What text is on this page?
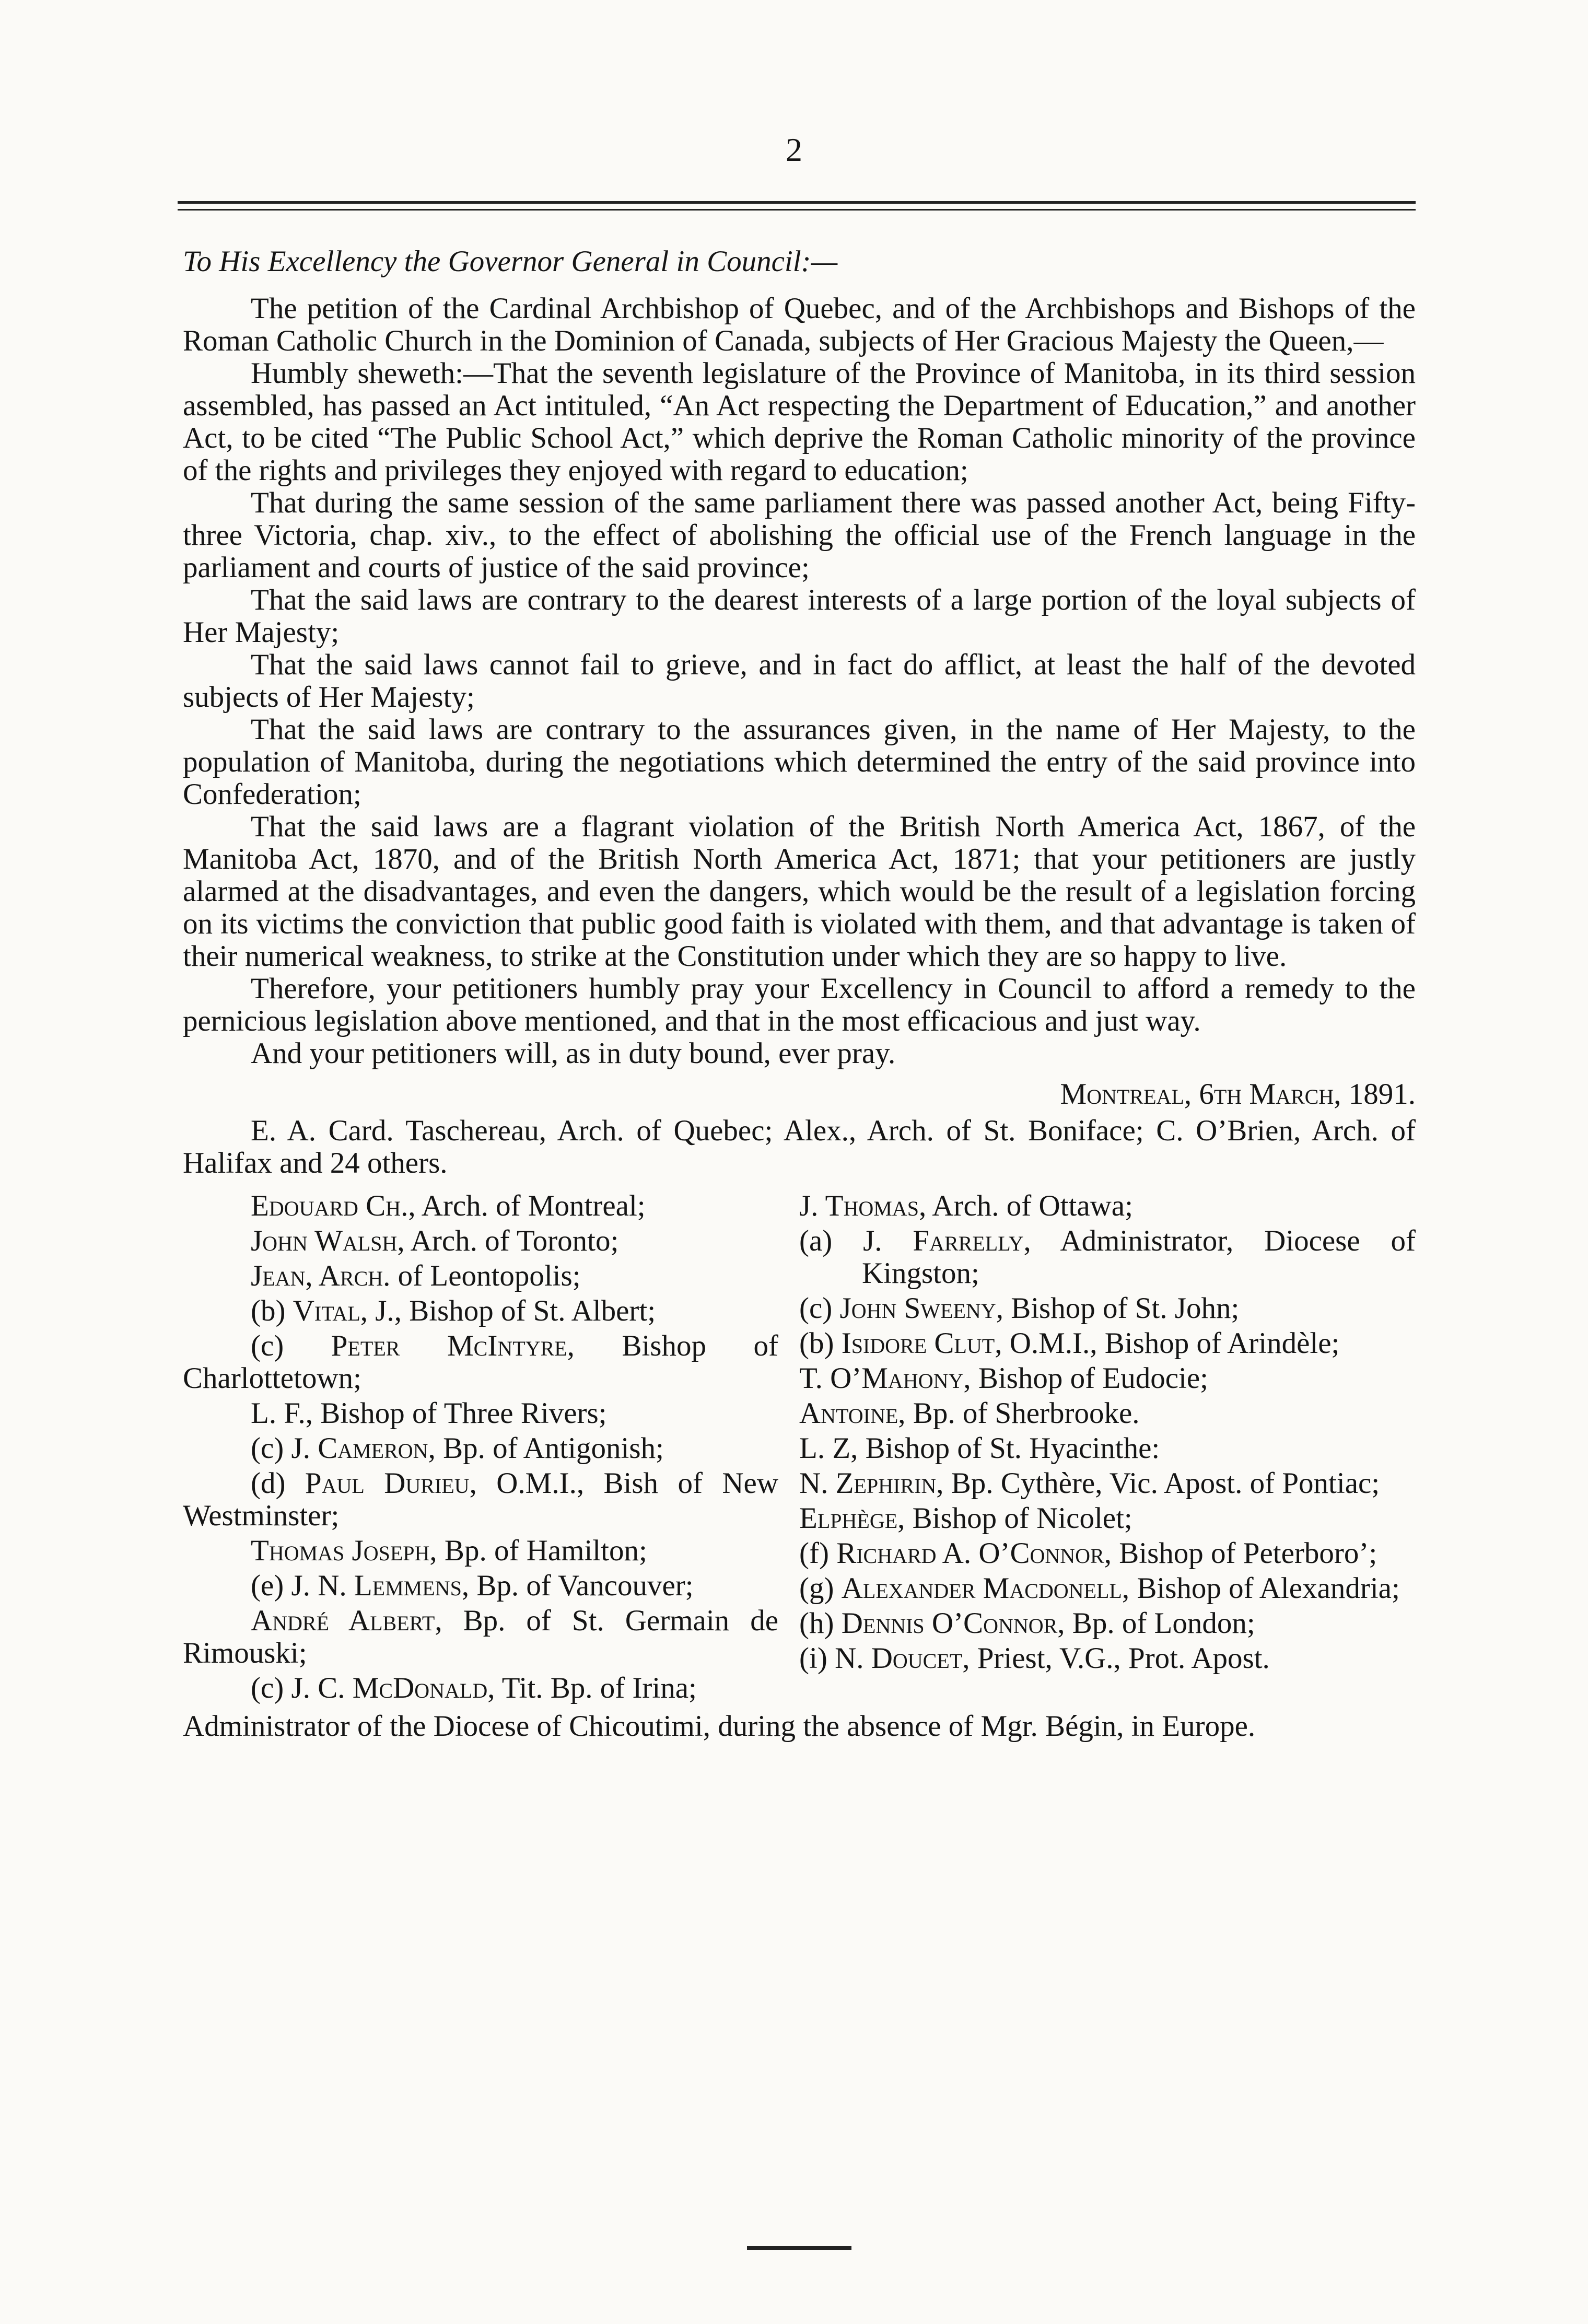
2

To His Excellency the Governor General in Council:—

The petition of the Cardinal Archbishop of Quebec, and of the Archbishops and Bishops of the Roman Catholic Church in the Dominion of Canada, subjects of Her Gracious Majesty the Queen,—

Humbly sheweth:—That the seventh legislature of the Province of Manitoba, in its third session assembled, has passed an Act intituled, “An Act respecting the Department of Education,” and another Act, to be cited “The Public School Act,” which deprive the Roman Catholic minority of the province of the rights and privileges they enjoyed with regard to education;

That during the same session of the same parliament there was passed another Act, being Fifty-three Victoria, chap. xiv., to the effect of abolishing the official use of the French language in the parliament and courts of justice of the said province;

That the said laws are contrary to the dearest interests of a large portion of the loyal subjects of Her Majesty;

That the said laws cannot fail to grieve, and in fact do afflict, at least the half of the devoted subjects of Her Majesty;

That the said laws are contrary to the assurances given, in the name of Her Majesty, to the population of Manitoba, during the negotiations which determined the entry of the said province into Confederation;

That the said laws are a flagrant violation of the British North America Act, 1867, of the Manitoba Act, 1870, and of the British North America Act, 1871; that your petitioners are justly alarmed at the disadvantages, and even the dangers, which would be the result of a legislation forcing on its victims the conviction that public good faith is violated with them, and that advantage is taken of their numerical weakness, to strike at the Constitution under which they are so happy to live.

Therefore, your petitioners humbly pray your Excellency in Council to afford a remedy to the pernicious legislation above mentioned, and that in the most efficacious and just way.

And your petitioners will, as in duty bound, ever pray.

Montreal, 6th March, 1891.

E. A. Card. Taschereau, Arch. of Quebec; Alex., Arch. of St. Boniface; C. O’Brien, Arch. of Halifax and 24 others.

Edouard Ch., Arch. of Montreal;

John Walsh, Arch. of Toronto;

Jean, Arch. of Leontopolis;

(b) Vital, J., Bishop of St. Albert;

(c) Peter McIntyre, Bishop of Charlottetown;

L. F., Bishop of Three Rivers;

(c) J. Cameron, Bp. of Antigonish;

(d) Paul Durieu, O.M.I., Bish of New Westminster;

Thomas Joseph, Bp. of Hamilton;

(e) J. N. Lemmens, Bp. of Vancouver;

André Albert, Bp. of St. Germain de Rimouski;

(c) J. C. McDonald, Tit. Bp. of Irina;

J. Thomas, Arch. of Ottawa;

(a) J. Farrelly, Administrator, Diocese of Kingston;

(c) John Sweeny, Bishop of St. John;

(b) Isidore Clut, O.M.I., Bishop of Arindèle;

T. O’Mahony, Bishop of Eudocie;

Antoine, Bp. of Sherbrooke.

L. Z, Bishop of St. Hyacinthe:

N. Zephirin, Bp. Cythère, Vic. Apost. of Pontiac;

Elphège, Bishop of Nicolet;

(f) Richard A. O’Connor, Bishop of Peterboro’;

(g) Alexander Macdonell, Bishop of Alexandria;

(h) Dennis O’Connor, Bp. of London;

(i) N. Doucet, Priest, V.G., Prot. Apost.

Administrator of the Diocese of Chicoutimi, during the absence of Mgr. Bégin, in Europe.
